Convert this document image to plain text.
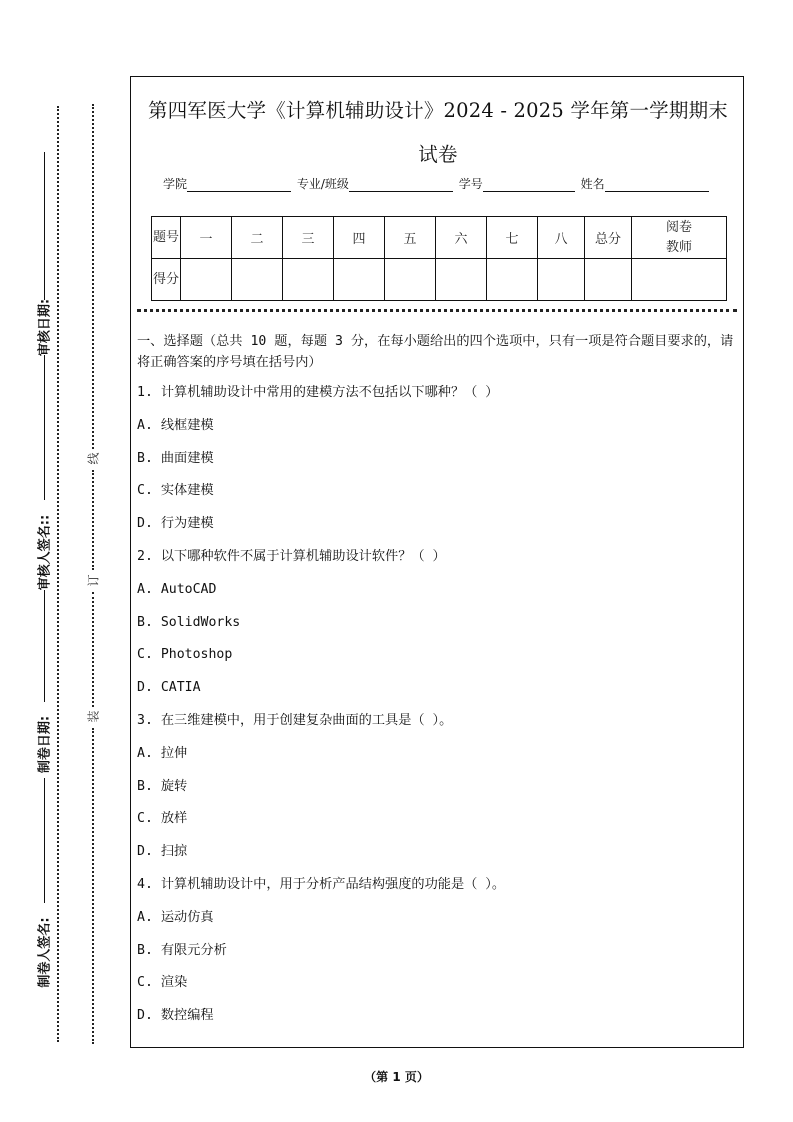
审核日期:
审核人签名::
制卷日期:
制卷人签名:
线
订
装
第四军医大学《计算机辅助设计》2024 - 2025 学年第一学期期末
试卷
学院	专业/班级	学号	姓名
题号	一	二	三	四	五	六	七	八	总分	阅卷教师

得分										
一、选择题（总共 10 题，每题 3 分，在每小题给出的四个选项中，只有一项是符合题目要求的，请将正确答案的序号填在括号内）
1. 计算机辅助设计中常用的建模方法不包括以下哪种？（ ）
A. 线框建模
B. 曲面建模
C. 实体建模
D. 行为建模
2. 以下哪种软件不属于计算机辅助设计软件？（ ）
A. AutoCAD
B. SolidWorks
C. Photoshop
D. CATIA
3. 在三维建模中，用于创建复杂曲面的工具是（ ）。
A. 拉伸
B. 旋转
C. 放样
D. 扫掠
4. 计算机辅助设计中，用于分析产品结构强度的功能是（ ）。
A. 运动仿真
B. 有限元分析
C. 渲染
D. 数控编程
（第 1 页）
